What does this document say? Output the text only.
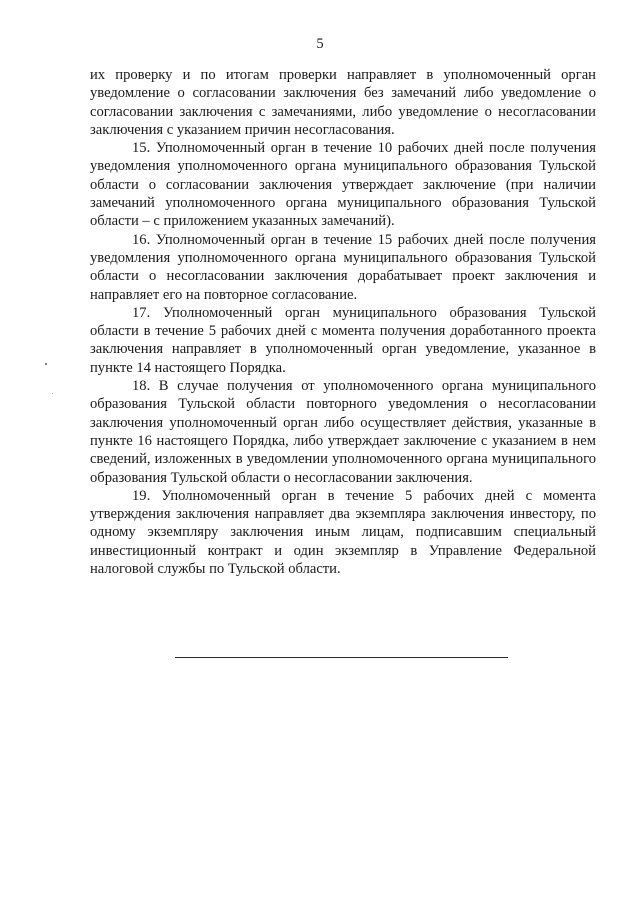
5

их проверку и по итогам проверки направляет в уполномоченный орган уведомление о согласовании заключения без замечаний либо уведомление о согласовании заключения с замечаниями, либо уведомление о несогласовании заключения с указанием причин несогласования.

15. Уполномоченный орган в течение 10 рабочих дней после получения уведомления уполномоченного органа муниципального образования Тульской области о согласовании заключения утверждает заключение (при наличии замечаний уполномоченного органа муниципального образования Тульской области – с приложением указанных замечаний).

16. Уполномоченный орган в течение 15 рабочих дней после получения уведомления уполномоченного органа муниципального образования Тульской области о несогласовании заключения дорабатывает проект заключения и направляет его на повторное согласование.

17. Уполномоченный орган муниципального образования Тульской области в течение 5 рабочих дней с момента получения доработанного проекта заключения направляет в уполномоченный орган уведомление, указанное в пункте 14 настоящего Порядка.

18. В случае получения от уполномоченного органа муниципального образования Тульской области повторного уведомления о несогласовании заключения уполномоченный орган либо осуществляет действия, указанные в пункте 16 настоящего Порядка, либо утверждает заключение с указанием в нем сведений, изложенных в уведомлении уполномоченного органа муниципального образования Тульской области о несогласовании заключения.

19. Уполномоченный орган в течение 5 рабочих дней с момента утверждения заключения направляет два экземпляра заключения инвестору, по одному экземпляру заключения иным лицам, подписавшим специальный инвестиционный контракт и один экземпляр в Управление Федеральной налоговой службы по Тульской области.
